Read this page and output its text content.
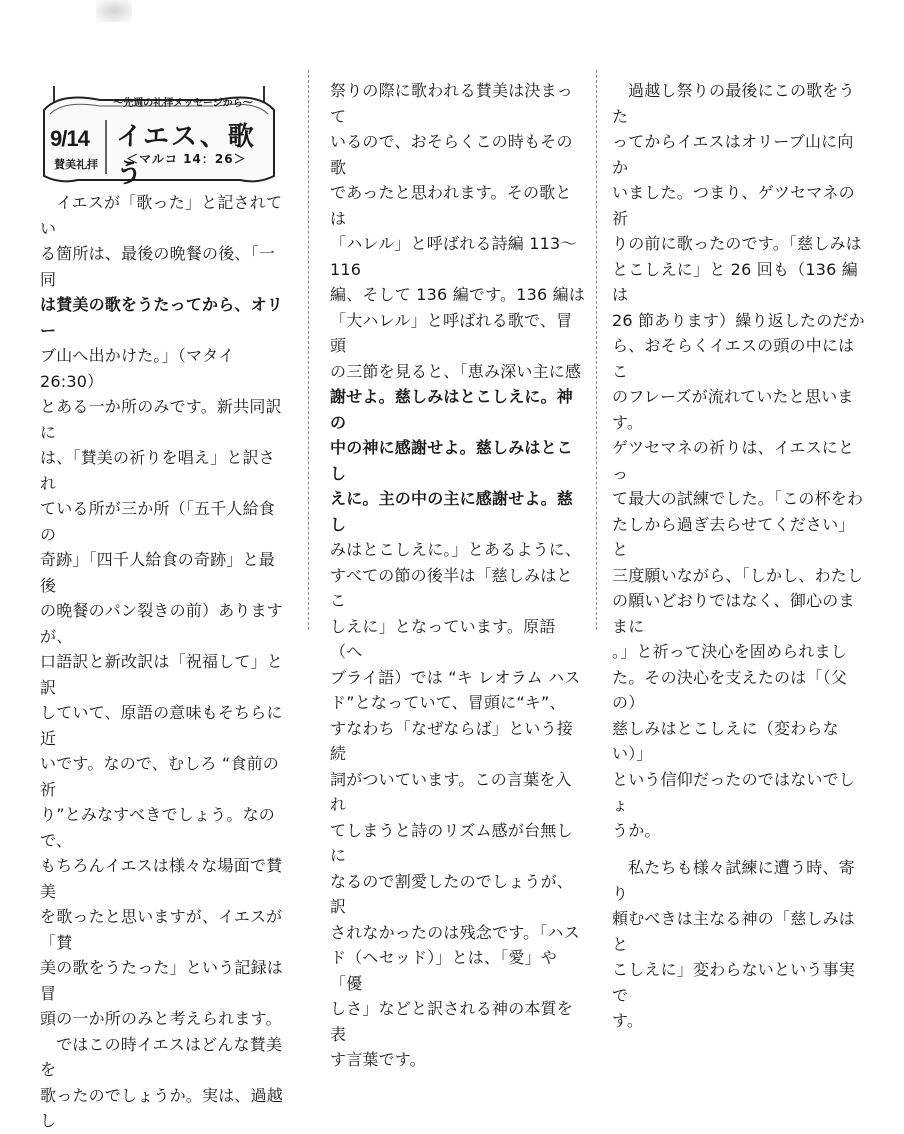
～先週の礼拝メッセージから～
9/14
賛美礼拝
イエス、歌う
＜マルコ 14：26＞

イエスが「歌った」と記されてい

る箇所は、最後の晩餐の後、「一同

は賛美の歌をうたってから、オリー

ブ山へ出かけた。」（マタイ 26:30）

とある一か所のみです。新共同訳に

は、「賛美の祈りを唱え」と訳され

ている所が三か所（「五千人給食の

奇跡」「四千人給食の奇跡」と最後

の晩餐のパン裂きの前）ありますが、

口語訳と新改訳は「祝福して」と訳

していて、原語の意味もそちらに近

いです。なので、むしろ “食前の祈

り”とみなすべきでしょう。なので、

もちろんイエスは様々な場面で賛美

を歌ったと思いますが、イエスが「賛

美の歌をうたった」という記録は冒

頭の一か所のみと考えられます。

ではこの時イエスはどんな賛美を

歌ったのでしょうか。実は、過越し

祭りの際に歌われる賛美は決まって

いるので、おそらくこの時もその歌

であったと思われます。その歌とは

「ハレル」と呼ばれる詩編 113～116

編、そして 136 編です。136 編は

「大ハレル」と呼ばれる歌で、冒頭

の三節を見ると、「恵み深い主に感

謝せよ。慈しみはとこしえに。神の

中の神に感謝せよ。慈しみはとこし

えに。主の中の主に感謝せよ。慈し

みはとこしえに。」とあるように、

すべての節の後半は「慈しみはとこ

しえに」となっています。原語（へ

ブライ語）では “キ レオラム ハス

ド”となっていて、冒頭に“キ”、

すなわち「なぜならば」という接続

詞がついています。この言葉を入れ

てしまうと詩のリズム感が台無しに

なるので割愛したのでしょうが、訳

されなかったのは残念です。「ハス

ド（ヘセッド）」とは、「愛」や「優

しさ」などと訳される神の本質を表

す言葉です。

過越し祭りの最後にこの歌をうた

ってからイエスはオリーブ山に向か

いました。つまり、ゲツセマネの祈

りの前に歌ったのです。「慈しみは

とこしえに」と 26 回も（136 編は

26 節あります）繰り返したのだか

ら、おそらくイエスの頭の中にはこ

のフレーズが流れていたと思います。

ゲツセマネの祈りは、イエスにとっ

て最大の試練でした。「この杯をわ

たしから過ぎ去らせてください」と

三度願いながら、「しかし、わたし

の願いどおりではなく、御心のままに

。」と祈って決心を固められまし

た。その決心を支えたのは「（父の）

慈しみはとこしえに（変わらない）」

という信仰だったのではないでしょ

うか。

私たちも様々試練に遭う時、寄り

頼むべきは主なる神の「慈しみはと

こしえに」変わらないという事実で

す。
